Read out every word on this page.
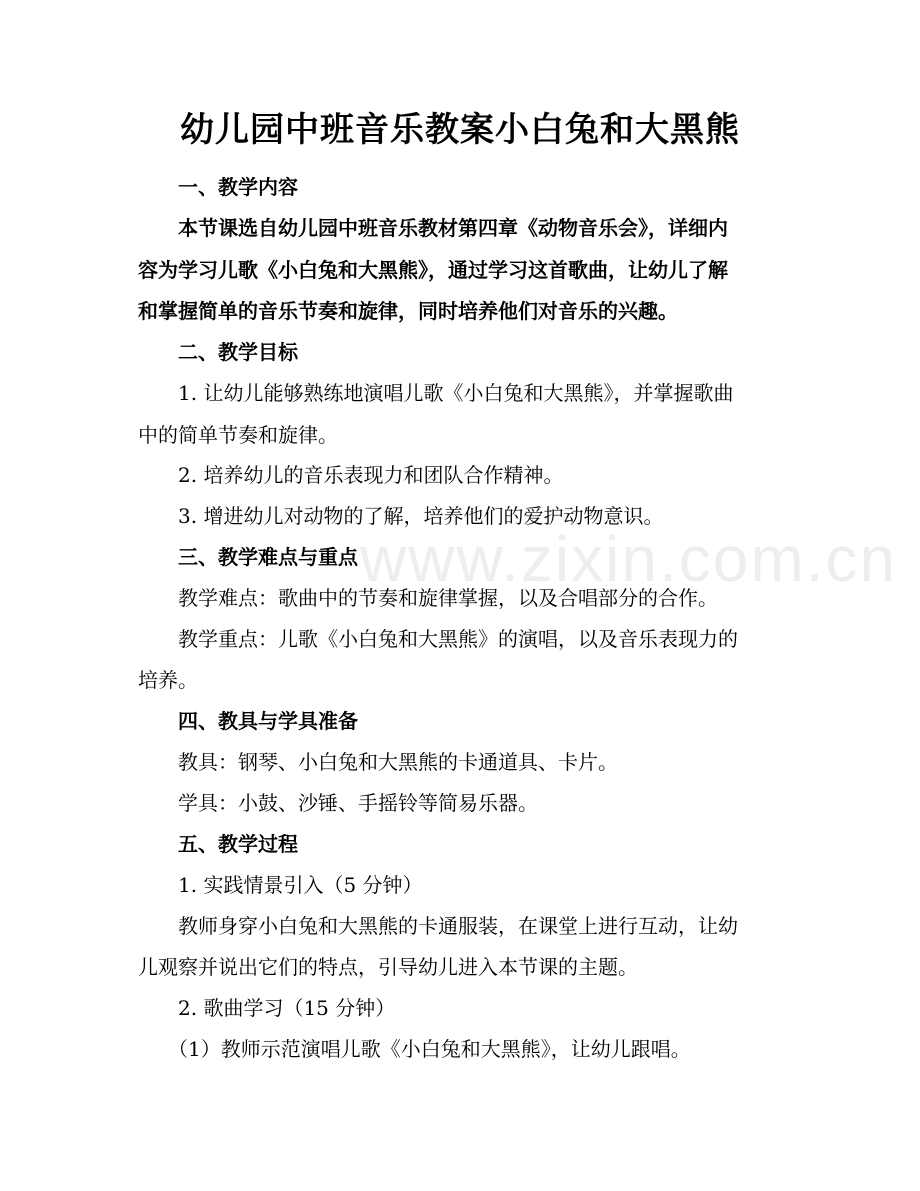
www.zixin.com.cn
幼儿园中班音乐教案小白兔和大黑熊
一、教学内容
本节课选自幼儿园中班音乐教材第四章《动物音乐会》，详细内
容为学习儿歌《小白兔和大黑熊》，通过学习这首歌曲，让幼儿了解
和掌握简单的音乐节奏和旋律，同时培养他们对音乐的兴趣。
二、教学目标
1. 让幼儿能够熟练地演唱儿歌《小白兔和大黑熊》，并掌握歌曲
中的简单节奏和旋律。
2. 培养幼儿的音乐表现力和团队合作精神。
3. 增进幼儿对动物的了解，培养他们的爱护动物意识。
三、教学难点与重点
教学难点：歌曲中的节奏和旋律掌握，以及合唱部分的合作。
教学重点：儿歌《小白兔和大黑熊》的演唱，以及音乐表现力的
培养。
四、教具与学具准备
教具：钢琴、小白兔和大黑熊的卡通道具、卡片。
学具：小鼓、沙锤、手摇铃等简易乐器。
五、教学过程
1. 实践情景引入（5 分钟）
教师身穿小白兔和大黑熊的卡通服装，在课堂上进行互动，让幼
儿观察并说出它们的特点，引导幼儿进入本节课的主题。
2. 歌曲学习（15 分钟）
（1）教师示范演唱儿歌《小白兔和大黑熊》，让幼儿跟唱。
